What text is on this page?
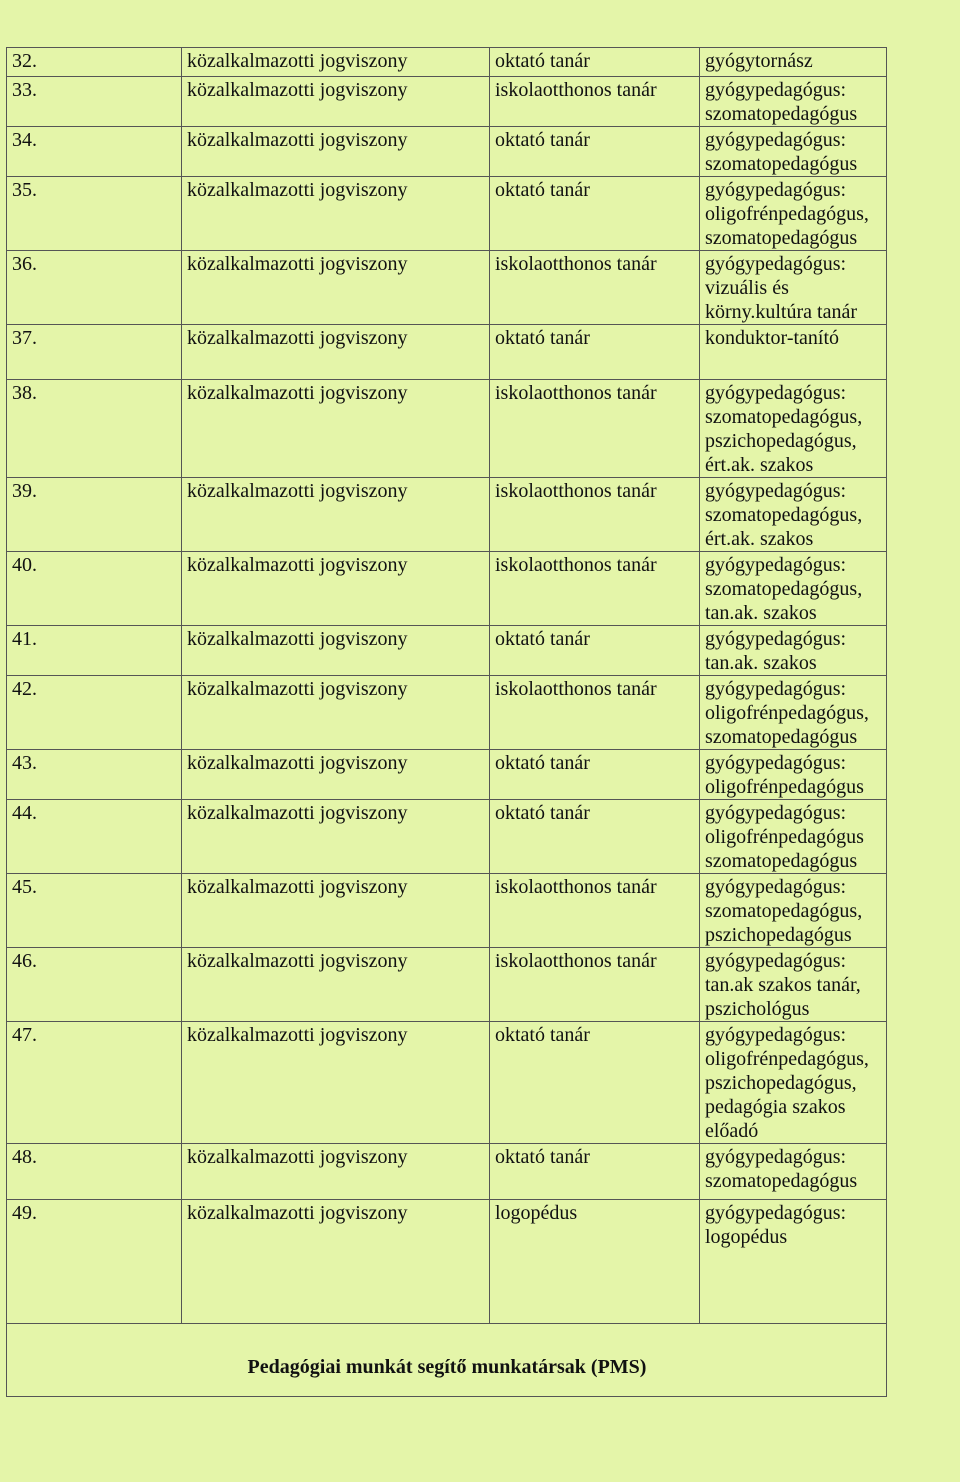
32.	közalkalmazotti jogviszony	oktató tanár	gyógytornász
33.	közalkalmazotti jogviszony	iskolaotthonos tanár	gyógypedagógus:
szomatopedagógus
34.	közalkalmazotti jogviszony	oktató tanár	gyógypedagógus:
szomatopedagógus
35.	közalkalmazotti jogviszony	oktató tanár	gyógypedagógus:
oligofrénpedagógus,
szomatopedagógus
36.	közalkalmazotti jogviszony	iskolaotthonos tanár	gyógypedagógus:
vizuális és
körny.kultúra tanár
37.	közalkalmazotti jogviszony	oktató tanár	konduktor-tanító
38.	közalkalmazotti jogviszony	iskolaotthonos tanár	gyógypedagógus:
szomatopedagógus,
pszichopedagógus,
ért.ak. szakos
39.	közalkalmazotti jogviszony	iskolaotthonos tanár	gyógypedagógus:
szomatopedagógus,
ért.ak. szakos
40.	közalkalmazotti jogviszony	iskolaotthonos tanár	gyógypedagógus:
szomatopedagógus,
tan.ak. szakos
41.	közalkalmazotti jogviszony	oktató tanár	gyógypedagógus:
tan.ak. szakos
42.	közalkalmazotti jogviszony	iskolaotthonos tanár	gyógypedagógus:
oligofrénpedagógus,
szomatopedagógus
43.	közalkalmazotti jogviszony	oktató tanár	gyógypedagógus:
oligofrénpedagógus
44.	közalkalmazotti jogviszony	oktató tanár	gyógypedagógus:
oligofrénpedagógus
szomatopedagógus
45.	közalkalmazotti jogviszony	iskolaotthonos tanár	gyógypedagógus:
szomatopedagógus,
pszichopedagógus
46.	közalkalmazotti jogviszony	iskolaotthonos tanár	gyógypedagógus:
tan.ak szakos tanár,
pszichológus
47.	közalkalmazotti jogviszony	oktató tanár	gyógypedagógus:
oligofrénpedagógus,
pszichopedagógus,
pedagógia szakos
előadó
48.	közalkalmazotti jogviszony	oktató tanár	gyógypedagógus:
szomatopedagógus
49.	közalkalmazotti jogviszony	logopédus	gyógypedagógus:
logopédus
Pedagógiai munkát segítő munkatársak (PMS)			
